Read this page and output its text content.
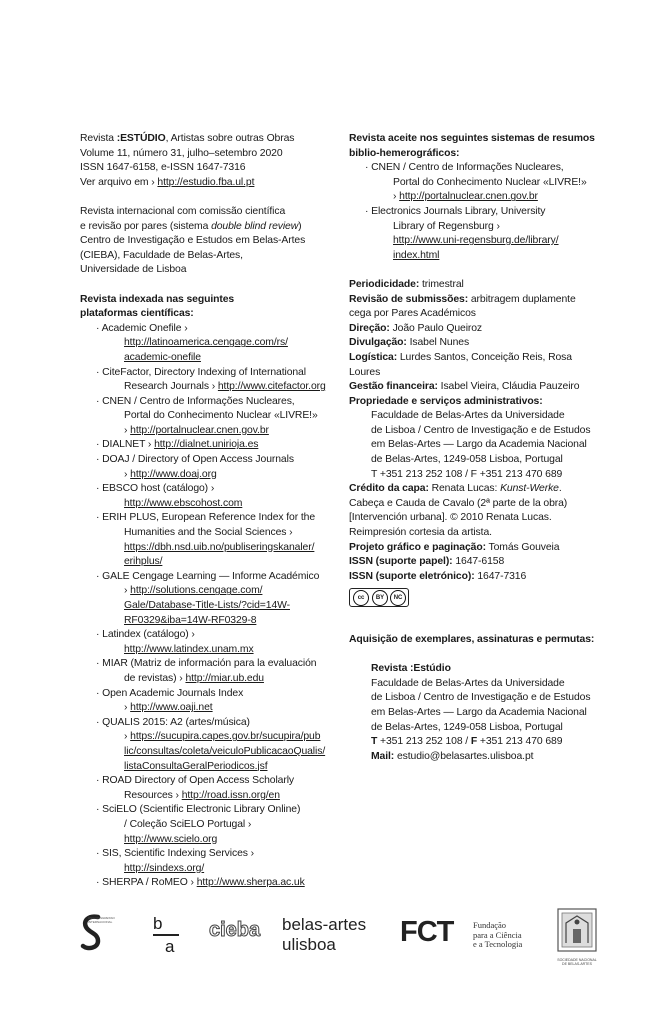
Revista :ESTÚDIO, Artistas sobre outras Obras

Volume 11, número 31, julho–setembro 2020

ISSN 1647-6158, e-ISSN 1647-7316

Ver arquivo em › http://estudio.fba.ul.pt

Revista internacional com comissão científica

e revisão por pares (sistema double blind review)

Centro de Investigação e Estudos em Belas-Artes

(CIEBA), Faculdade de Belas-Artes,

Universidade de Lisboa

Revista indexada nas seguintes

plataformas científicas:

· Academic Onefile ›
http://latinoamerica.cengage.com/rs/
academic-onefile
· CiteFactor, Directory Indexing of International
Research Journals › http://www.citefactor.org
· CNEN / Centro de Informações Nucleares,
Portal do Conhecimento Nuclear «LIVRE!»
› http://portalnuclear.cnen.gov.br
· DIALNET › http://dialnet.unirioja.es
· DOAJ / Directory of Open Access Journals
› http://www.doaj.org
· EBSCO host (catálogo) ›
http://www.ebscohost.com
· ERIH PLUS, European Reference Index for the
Humanities and the Social Sciences ›
https://dbh.nsd.uib.no/publiseringskanaler/
erihplus/
· GALE Cengage Learning — Informe Académico
› http://solutions.cengage.com/
Gale/Database-Title-Lists/?cid=14W-
RF0329&iba=14W-RF0329-8
· Latindex (catálogo) ›
http://www.latindex.unam.mx
· MIAR (Matriz de información para la evaluación
de revistas) › http://miar.ub.edu
· Open Academic Journals Index
› http://www.oaji.net
· QUALIS 2015: A2 (artes/música)
› https://sucupira.capes.gov.br/sucupira/pub
lic/consultas/coleta/veiculoPublicacaoQualis/
listaConsultaGeralPeriodicos.jsf
· ROAD Directory of Open Access Scholarly
Resources › http://road.issn.org/en
· SciELO (Scientific Electronic Library Online)
/ Coleção SciELO Portugal ›
http://www.scielo.org
· SIS, Scientific Indexing Services ›
http://sindexs.org/
· SHERPA / RoMEO › http://www.sherpa.ac.uk

Revista aceite nos seguintes sistemas de resumos

biblio-hemerográficos:

· CNEN / Centro de Informações Nucleares,
Portal do Conhecimento Nuclear «LIVRE!»
› http://portalnuclear.cnen.gov.br
· Electronics Journals Library, University
Library of Regensburg ›
http://www.uni-regensburg.de/library/
index.html

Periodicidade: trimestral

Revisão de submissões: arbitragem duplamente

cega por Pares Académicos

Direção: João Paulo Queiroz

Divulgação: Isabel Nunes

Logística: Lurdes Santos, Conceição Reis, Rosa Loures

Gestão financeira: Isabel Vieira, Cláudia Pauzeiro

Propriedade e serviços administrativos:

Faculdade de Belas-Artes da Universidade

de Lisboa / Centro de Investigação e de Estudos

em Belas-Artes — Largo da Academia Nacional

de Belas-Artes, 1249-058 Lisboa, Portugal

T +351 213 252 108 / F +351 213 470 689

Crédito da capa: Renata Lucas: Kunst-Werke.

Cabeça e Cauda de Cavalo (2ª parte de la obra)

[Intervención urbana]. © 2010 Renata Lucas.

Reimpresión cortesia da artista.

Projeto gráfico e paginação: Tomás Gouveia

ISSN (suporte papel): 1647-6158

ISSN (suporte eletrónico): 1647-7316

cc	BY	NC

Aquisição de exemplares, assinaturas e permutas:

Revista :Estúdio

Faculdade de Belas-Artes da Universidade

de Lisboa / Centro de Investigação e de Estudos

em Belas-Artes — Largo da Academia Nacional

de Belas-Artes, 1249-058 Lisboa, Portugal

T +351 213 252 108 / F +351 213 470 689

Mail: estudio@belasartes.ulisboa.pt

CSO CONGRESSO INTERNACIONAL	b
a
cieba belas-artes
ulisboa	FCT Fundação
para a Ciência
e a Tecnologia
SOCIEDADE NACIONAL DE BELAS-ARTES
